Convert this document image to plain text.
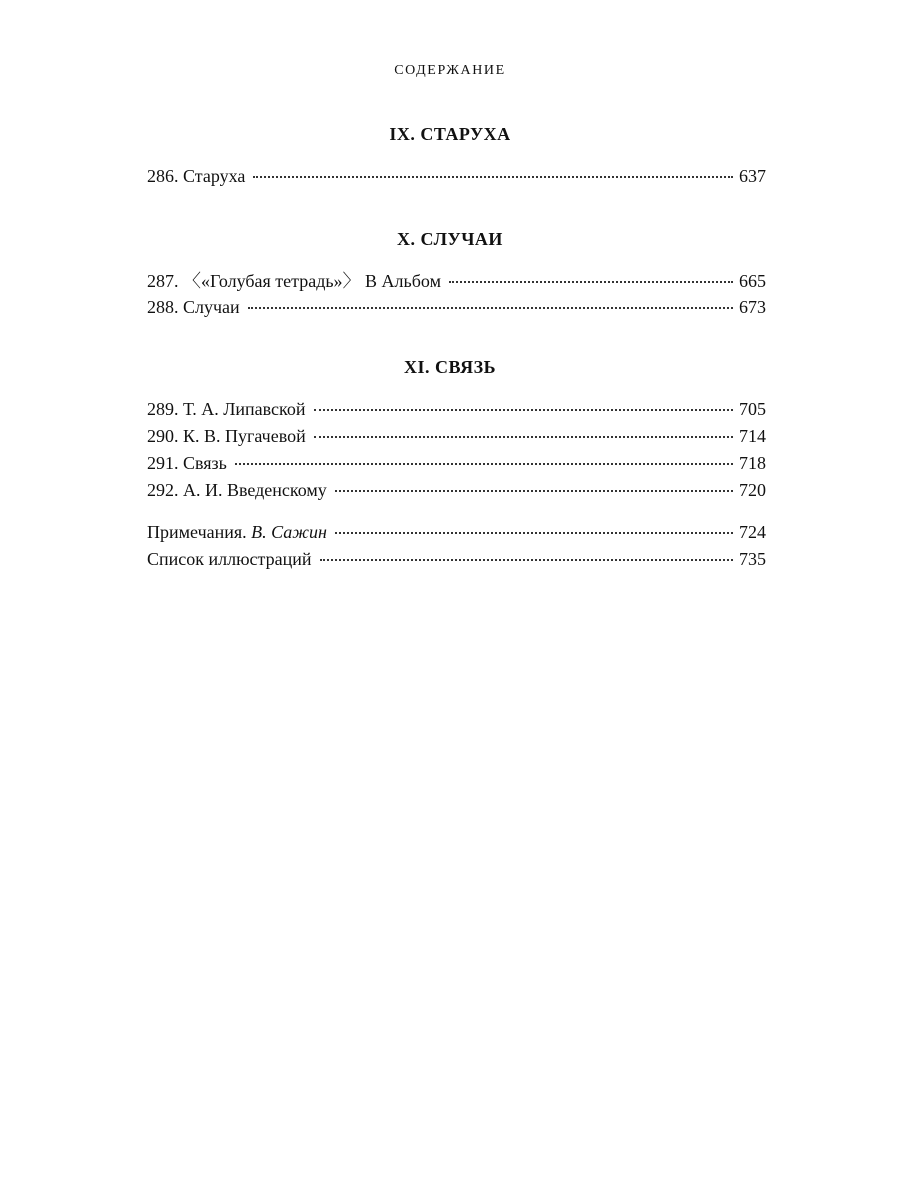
СОДЕРЖАНИЕ
IX. СТАРУХА
286. Старуха	637
X. СЛУЧАИ
287. 〈«Голубая тетрадь»〉 В Альбом	665
288. Случаи	673
XI. СВЯЗЬ
289. Т. А. Липавской	705
290. К. В. Пугачевой	714
291. Связь	718
292. А. И. Введенскому	720
Примечания. В. Сажин	724
Список иллюстраций	735
